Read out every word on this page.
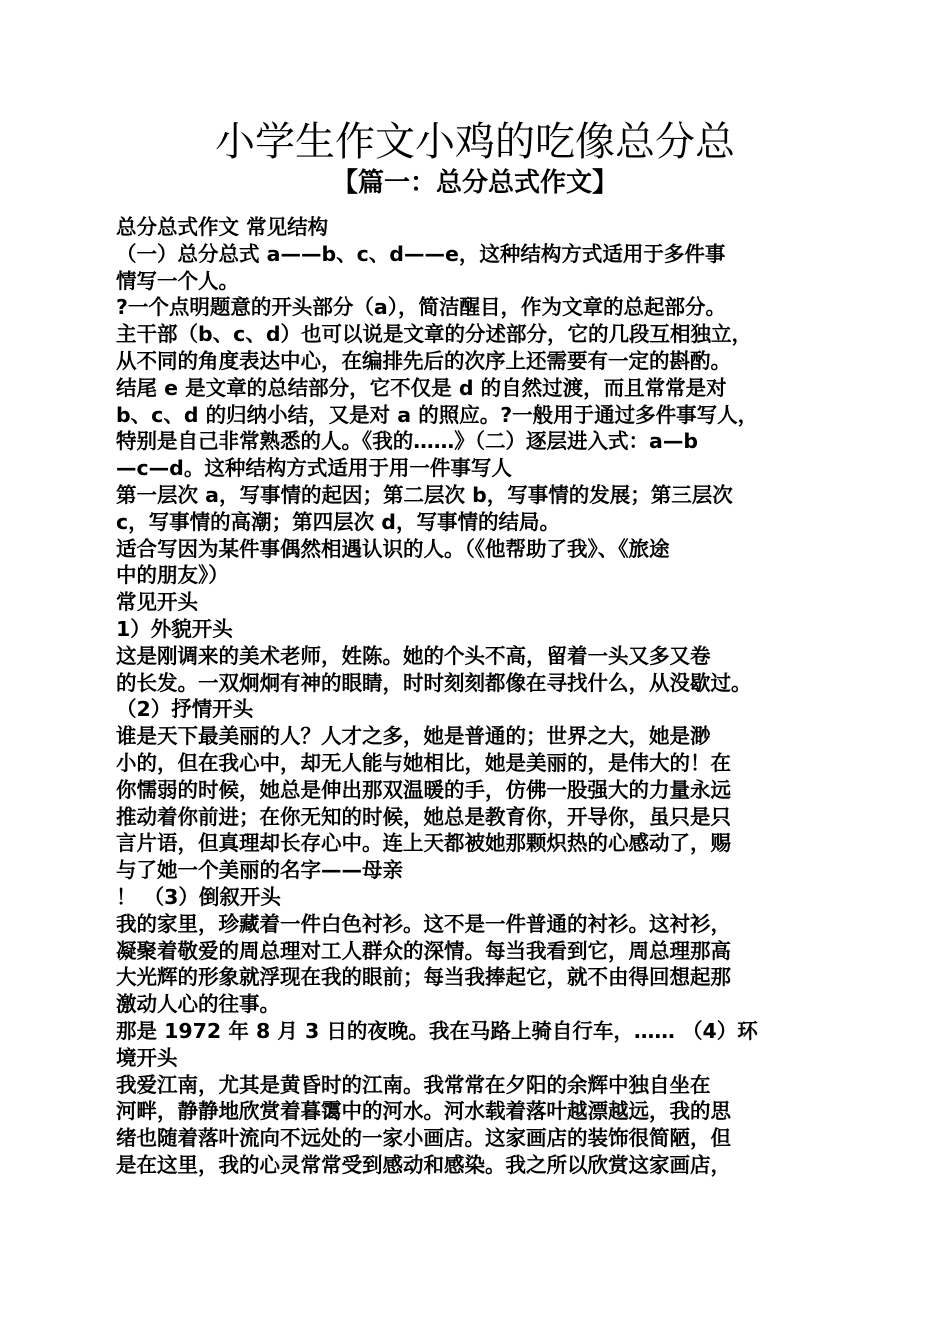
小学生作文小鸡的吃像总分总
【篇一：总分总式作文】

总分总式作文 常见结构

（一）总分总式 a——b、c、d——e，这种结构方式适用于多件事

情写一个人。

?一个点明题意的开头部分（a），简洁醒目，作为文章的总起部分。

主干部（b、c、d）也可以说是文章的分述部分，它的几段互相独立，

从不同的角度表达中心，在编排先后的次序上还需要有一定的斟酌。

结尾 e 是文章的总结部分，它不仅是 d 的自然过渡，而且常常是对

b、c、d 的归纳小结，又是对 a 的照应。?一般用于通过多件事写人，

特别是自己非常熟悉的人。《我的……》（二）逐层进入式：a—b

—c—d。这种结构方式适用于用一件事写人

第一层次 a，写事情的起因；第二层次 b，写事情的发展；第三层次

c，写事情的高潮；第四层次 d，写事情的结局。

适合写因为某件事偶然相遇认识的人。（《他帮助了我》、《旅途

中的朋友》）

常见开头

1）外貌开头

这是刚调来的美术老师，姓陈。她的个头不高，留着一头又多又卷

的长发。一双炯炯有神的眼睛，时时刻刻都像在寻找什么，从没歇过。

（2）抒情开头

谁是天下最美丽的人？人才之多，她是普通的；世界之大，她是渺

小的，但在我心中，却无人能与她相比，她是美丽的，是伟大的！在

你懦弱的时候，她总是伸出那双温暖的手，仿佛一股强大的力量永远

推动着你前进；在你无知的时候，她总是教育你，开导你，虽只是只

言片语，但真理却长存心中。连上天都被她那颗炽热的心感动了，赐

与了她一个美丽的名字——母亲

！ （3）倒叙开头

我的家里，珍藏着一件白色衬衫。这不是一件普通的衬衫。这衬衫，

凝聚着敬爱的周总理对工人群众的深情。每当我看到它，周总理那高

大光辉的形象就浮现在我的眼前；每当我捧起它，就不由得回想起那

激动人心的往事。

那是 1972 年 8 月 3 日的夜晚。我在马路上骑自行车，…… （4）环

境开头

我爱江南，尤其是黄昏时的江南。我常常在夕阳的余辉中独自坐在

河畔，静静地欣赏着暮霭中的河水。河水载着落叶越漂越远，我的思

绪也随着落叶流向不远处的一家小画店。这家画店的装饰很简陋，但

是在这里，我的心灵常常受到感动和感染。我之所以欣赏这家画店，
